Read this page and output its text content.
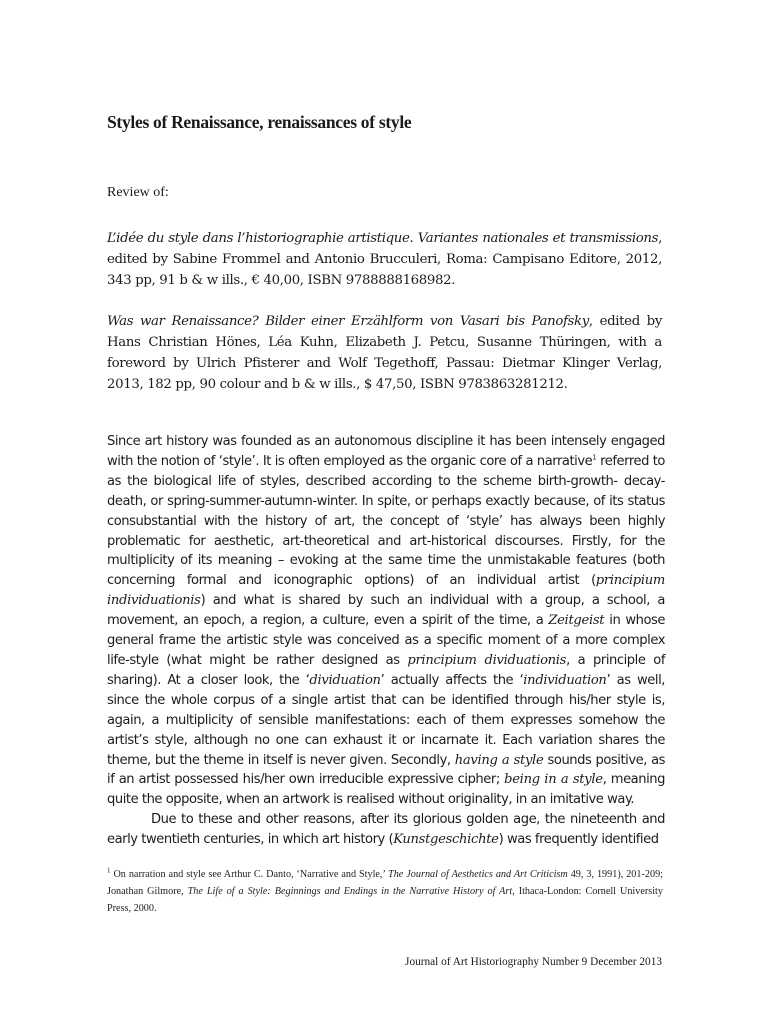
Styles of Renaissance, renaissances of style
Review of:
L’idée du style dans l’historiographie artistique. Variantes nationales et transmissions, edited by Sabine Frommel and Antonio Brucculeri, Roma: Campisano Editore, 2012, 343 pp, 91 b & w ills., € 40,00, ISBN 9788888168982.
Was war Renaissance? Bilder einer Erzählform von Vasari bis Panofsky, edited by Hans Christian Hönes, Léa Kuhn, Elizabeth J. Petcu, Susanne Thüringen, with a foreword by Ulrich Pfisterer and Wolf Tegethoff, Passau: Dietmar Klinger Verlag, 2013, 182 pp, 90 colour and b & w ills., $ 47,50, ISBN 9783863281212.

Since art history was founded as an autonomous discipline it has been intensely engaged with the notion of ‘style’. It is often employed as the organic core of a narrative$^1$ referred to as the biological life of styles, described according to the scheme birth-growth- decay-death, or spring-summer-autumn-winter. In spite, or perhaps exactly because, of its status consubstantial with the history of art, the concept of ‘style’ has always been highly problematic for aesthetic, art-theoretical and art-historical discourses. Firstly, for the multiplicity of its meaning – evoking at the same time the unmistakable features (both concerning formal and iconographic options) of an individual artist (principium individuationis) and what is shared by such an individual with a group, a school, a movement, an epoch, a region, a culture, even a spirit of the time, a Zeitgeist in whose general frame the artistic style was conceived as a specific moment of a more complex life-style (what might be rather designed as principium dividuationis, a principle of sharing). At a closer look, the ‘dividuation’ actually affects the ‘individuation’ as well, since the whole corpus of a single artist that can be identified through his/her style is, again, a multiplicity of sensible manifestations: each of them expresses somehow the artist’s style, although no one can exhaust it or incarnate it. Each variation shares the theme, but the theme in itself is never given. Secondly, having a style sounds positive, as if an artist possessed his/her own irreducible expressive cipher; being in a style, meaning quite the opposite, when an artwork is realised without originality, in an imitative way.

Due to these and other reasons, after its glorious golden age, the nineteenth and early twentieth centuries, in which art history (Kunstgeschichte) was frequently identified

$^1$ On narration and style see Arthur C. Danto, ‘Narrative and Style,’ The Journal of Aesthetics and Art Criticism 49, 3, 1991), 201-209; Jonathan Gilmore, The Life of a Style: Beginnings and Endings in the Narrative History of Art, Ithaca-London: Cornell University Press, 2000.
Journal of Art Historiography Number 9 December 2013
